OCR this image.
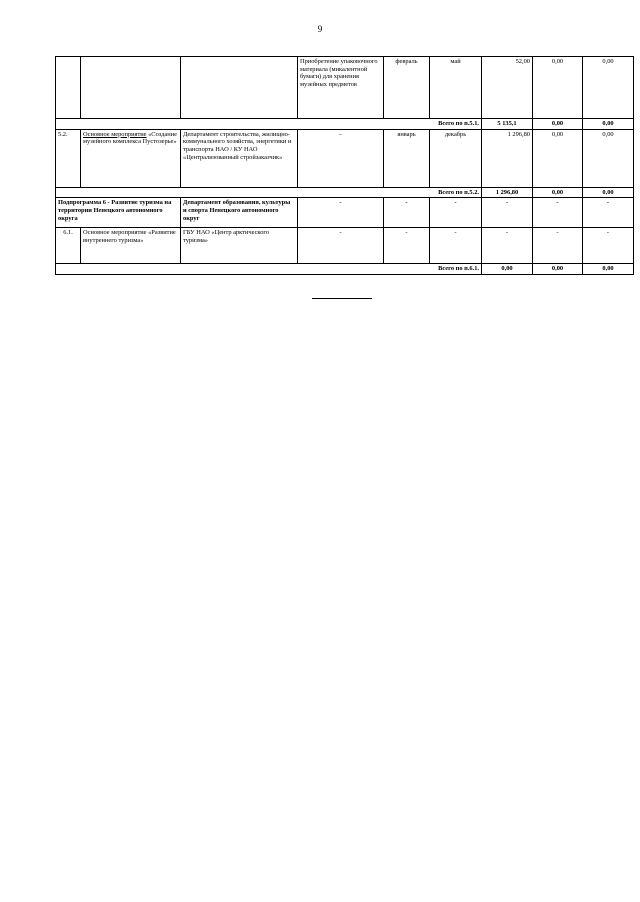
9
			Приобретение упаковочного материала (микалентной бумаги) для хранения музейных предметов	февраль	май	52,00	0,00	0,00
Всего по п.5.1.						5 135,1	0,00	0,00
5.2.	Основное мероприятие «Создание музейного комплекса Пустозерье»	Департамент строительства, жилищно-коммунального хозяйства, энергетики и транспорта НАО / КУ НАО «Централизованный стройзаказчик»	–	январь	декабрь	1 296,80	0,00	0,00
Всего по п.5.2.						1 296,80	0,00	0,00
Подпрограмма 6 - Развитие туризма на территории Ненецкого автономного округа		Департамент образования, культуры и спорта Ненецкого автономного округ	-	-	-	-	-	-
6.1.	Основное мероприятие «Развитие внутреннего туризма»	ГБУ НАО «Центр арктического туризма»	-	-	-	-	-	-
Всего по п.6.1.						0,00	0,00	0,00
